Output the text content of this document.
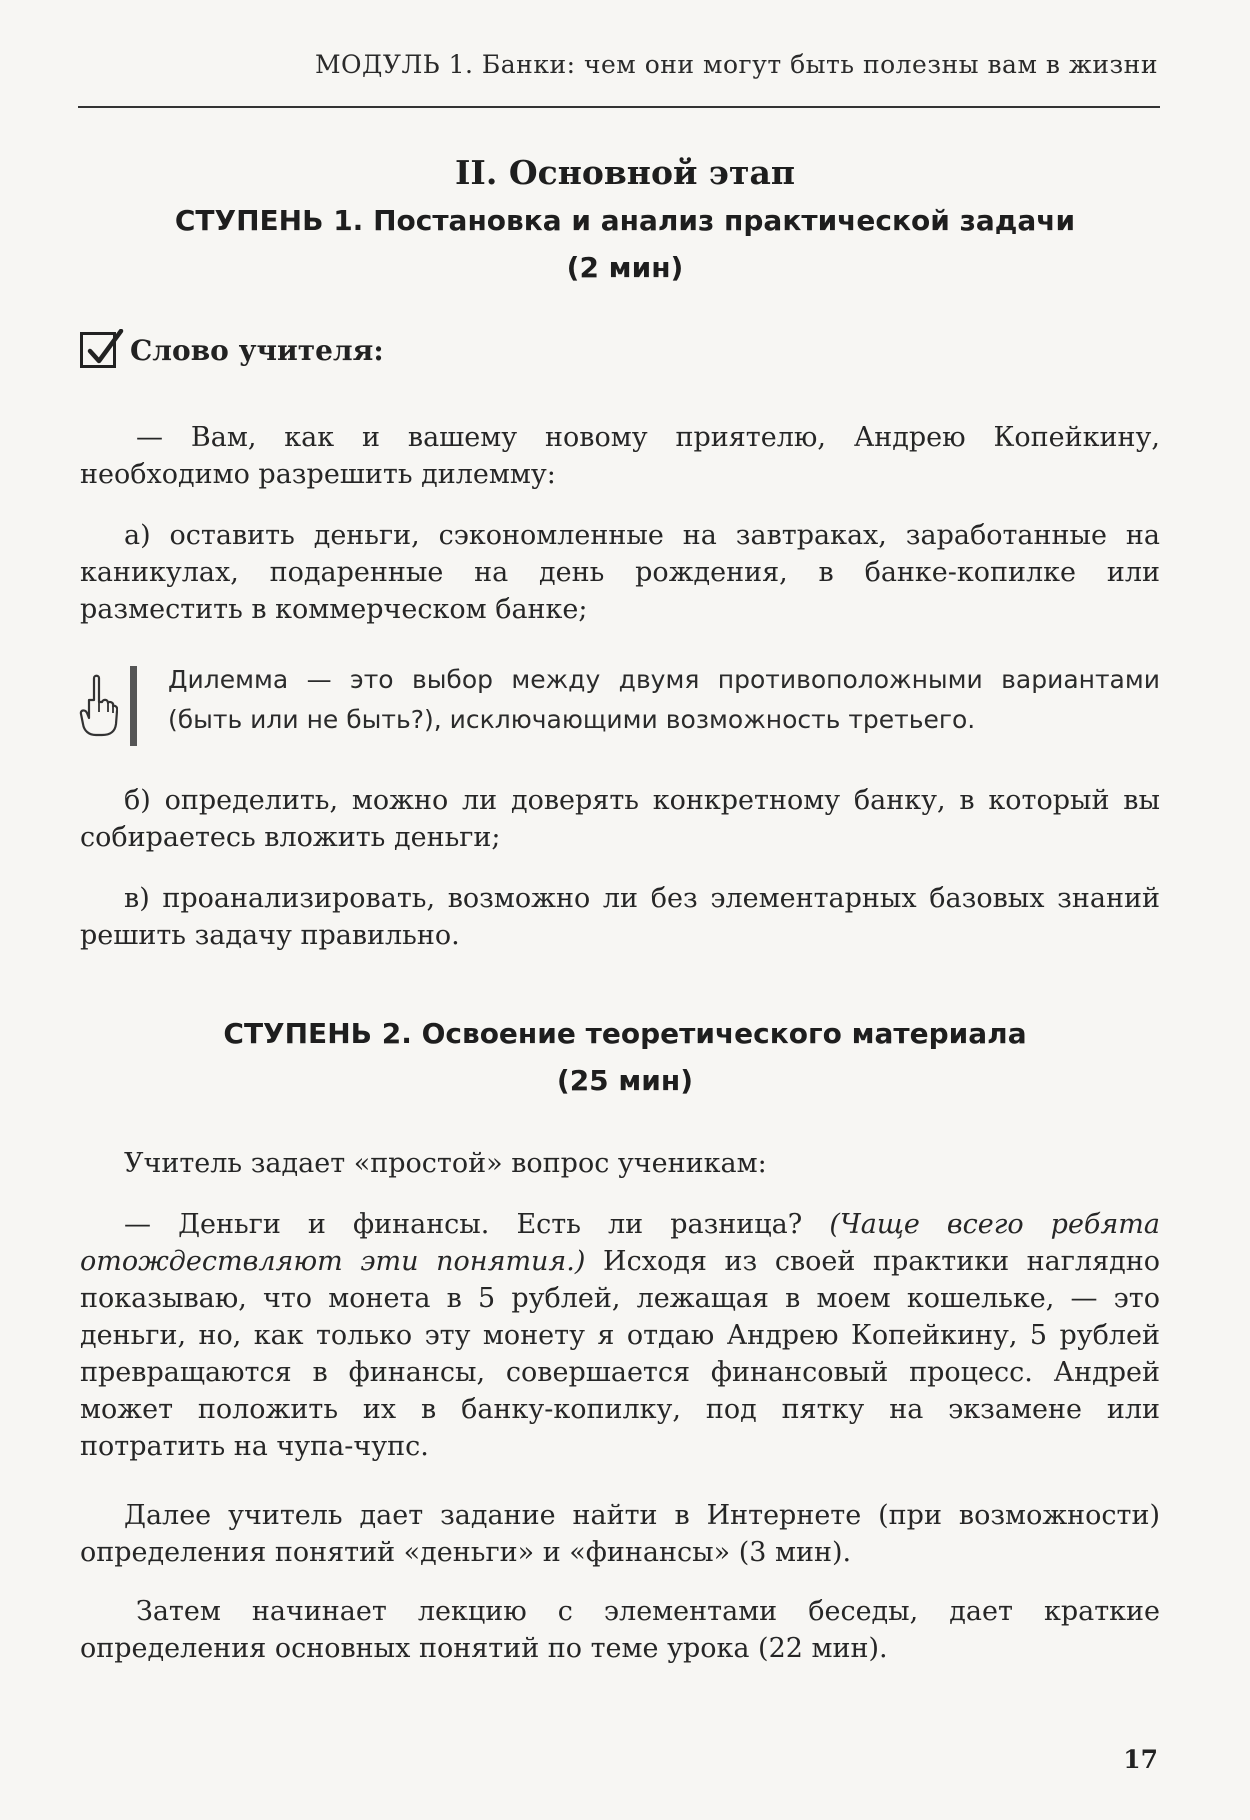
МОДУЛЬ 1. Банки: чем они могут быть полезны вам в жизни
II. Основной этап
СТУПЕНЬ 1. Постановка и анализ практической задачи
(2 мин)
Слово учителя:

— Вам, как и вашему новому приятелю, Андрею Копейкину, необходимо разрешить дилемму:

а) оставить деньги, сэкономленные на завтраках, заработанные на каникулах, подаренные на день рождения, в банке-копилке или разместить в коммерческом банке;

Дилемма — это выбор между двумя противоположными вариантами (быть или не быть?), исключающими возможность третьего.

б) определить, можно ли доверять конкретному банку, в который вы собираетесь вложить деньги;

в) проанализировать, возможно ли без элементарных базовых знаний решить задачу правильно.

СТУПЕНЬ 2. Освоение теоретического материала
(25 мин)

Учитель задает «простой» вопрос ученикам:

— Деньги и финансы. Есть ли разница? (Чаще всего ребята отождествляют эти понятия.) Исходя из своей практики наглядно показываю, что монета в 5 рублей, лежащая в моем кошельке, — это деньги, но, как только эту монету я отдаю Андрею Копейкину, 5 рублей превращаются в финансы, совершается финансовый процесс. Андрей может положить их в банку-копилку, под пятку на экзамене или потратить на чупа-чупс.

Далее учитель дает задание найти в Интернете (при возможности) определения понятий «деньги» и «финансы» (3 мин).

Затем начинает лекцию с элементами беседы, дает краткие определения основных понятий по теме урока (22 мин).

17
